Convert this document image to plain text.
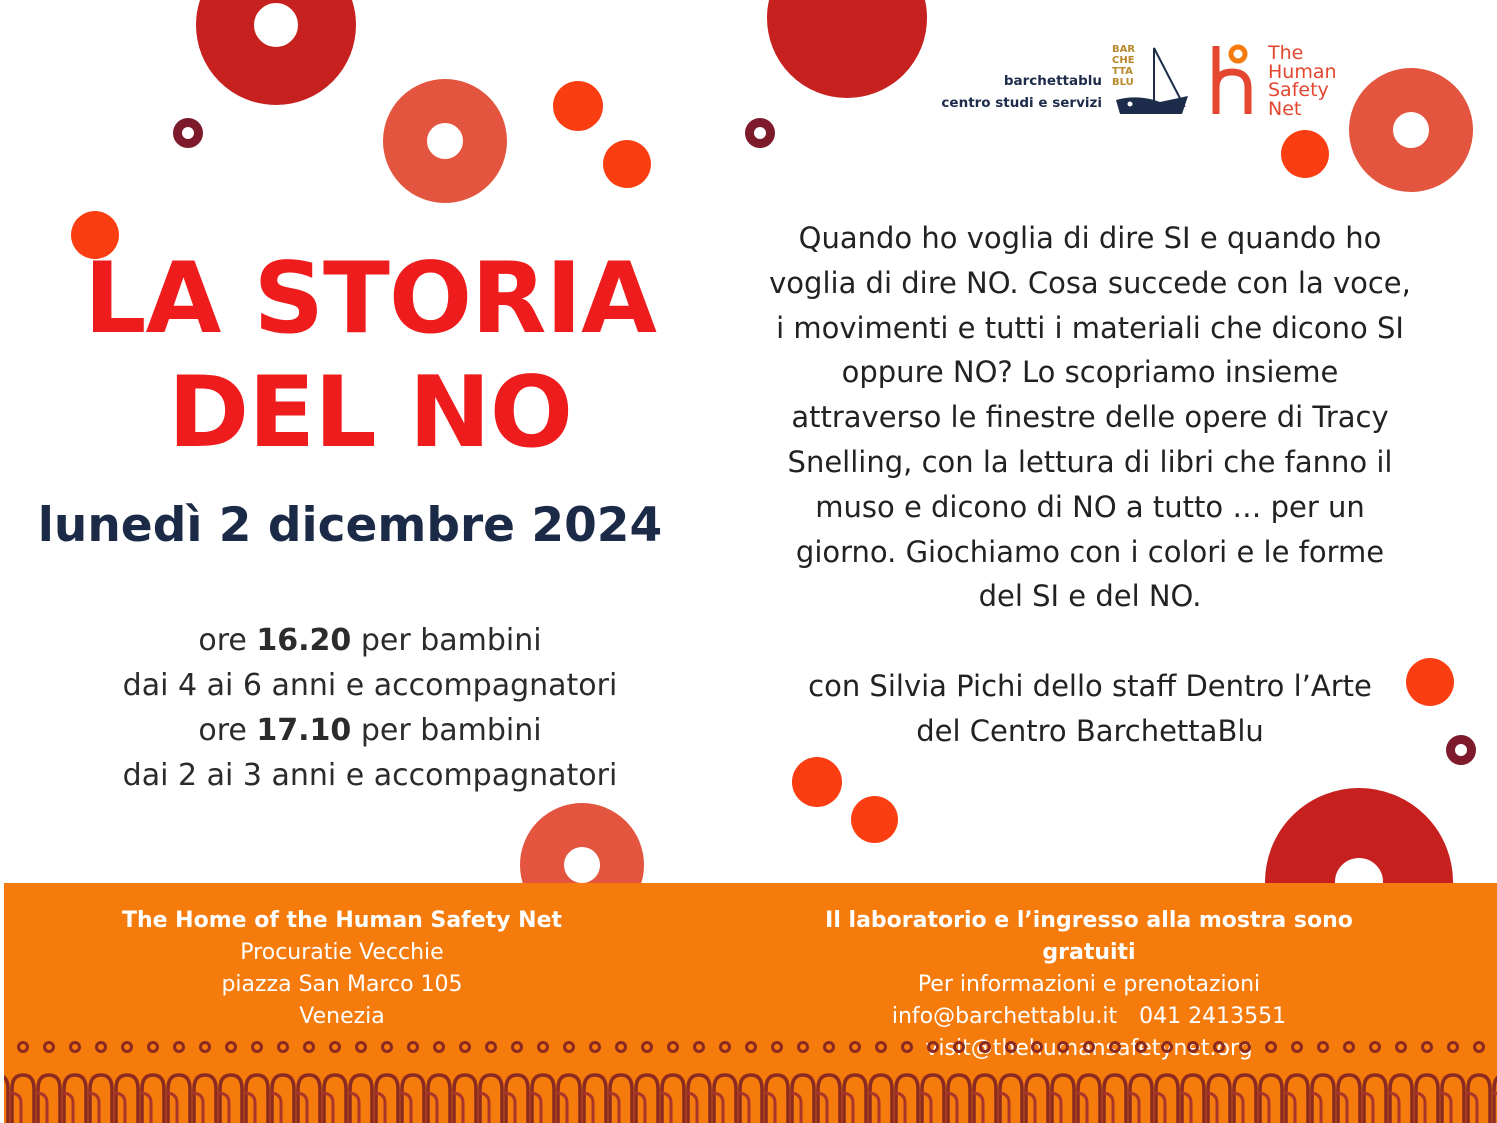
barchettablu
centro studi e servizi
BAR CHE TTA BLU
The
Human
Safety
Net
LA STORIA
DEL NO
lunedì 2 dicembre 2024
ore 16.20 per bambini
dai 4 ai 6 anni e accompagnatori
ore 17.10 per bambini
dai 2 ai 3 anni e accompagnatori
Quando ho voglia di dire SI e quando ho
voglia di dire NO. Cosa succede con la voce,
i movimenti e tutti i materiali che dicono SI
oppure NO? Lo scopriamo insieme
attraverso le finestre delle opere di Tracy
Snelling, con la lettura di libri che fanno il
muso e dicono di NO a tutto … per un
giorno. Giochiamo con i colori e le forme
del SI e del NO.
con Silvia Pichi dello staff Dentro l’Arte
del Centro BarchettaBlu
The Home of the Human Safety Net
Procuratie Vecchie
piazza San Marco 105
Venezia
Il laboratorio e l’ingresso alla mostra sono gratuiti
Per informazioni e prenotazioni
info@barchettablu.it 041 2413551
